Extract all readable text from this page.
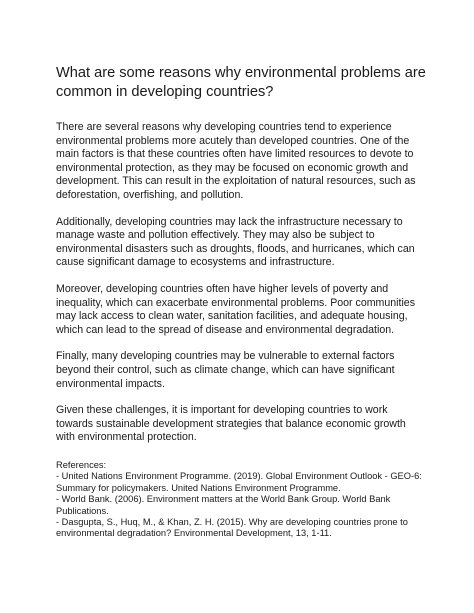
What are some reasons why environmental problems are
common in developing countries?

There are several reasons why developing countries tend to experience
environmental problems more acutely than developed countries. One of the
main factors is that these countries often have limited resources to devote to
environmental protection, as they may be focused on economic growth and
development. This can result in the exploitation of natural resources, such as
deforestation, overfishing, and pollution.

Additionally, developing countries may lack the infrastructure necessary to
manage waste and pollution effectively. They may also be subject to
environmental disasters such as droughts, floods, and hurricanes, which can
cause significant damage to ecosystems and infrastructure.

Moreover, developing countries often have higher levels of poverty and
inequality, which can exacerbate environmental problems. Poor communities
may lack access to clean water, sanitation facilities, and adequate housing,
which can lead to the spread of disease and environmental degradation.

Finally, many developing countries may be vulnerable to external factors
beyond their control, such as climate change, which can have significant
environmental impacts.

Given these challenges, it is important for developing countries to work
towards sustainable development strategies that balance economic growth
with environmental protection.

References:
- United Nations Environment Programme. (2019). Global Environment Outlook - GEO-6:
Summary for policymakers. United Nations Environment Programme.
- World Bank. (2006). Environment matters at the World Bank Group. World Bank
Publications.
- Dasgupta, S., Huq, M., & Khan, Z. H. (2015). Why are developing countries prone to
environmental degradation? Environmental Development, 13, 1-11.
